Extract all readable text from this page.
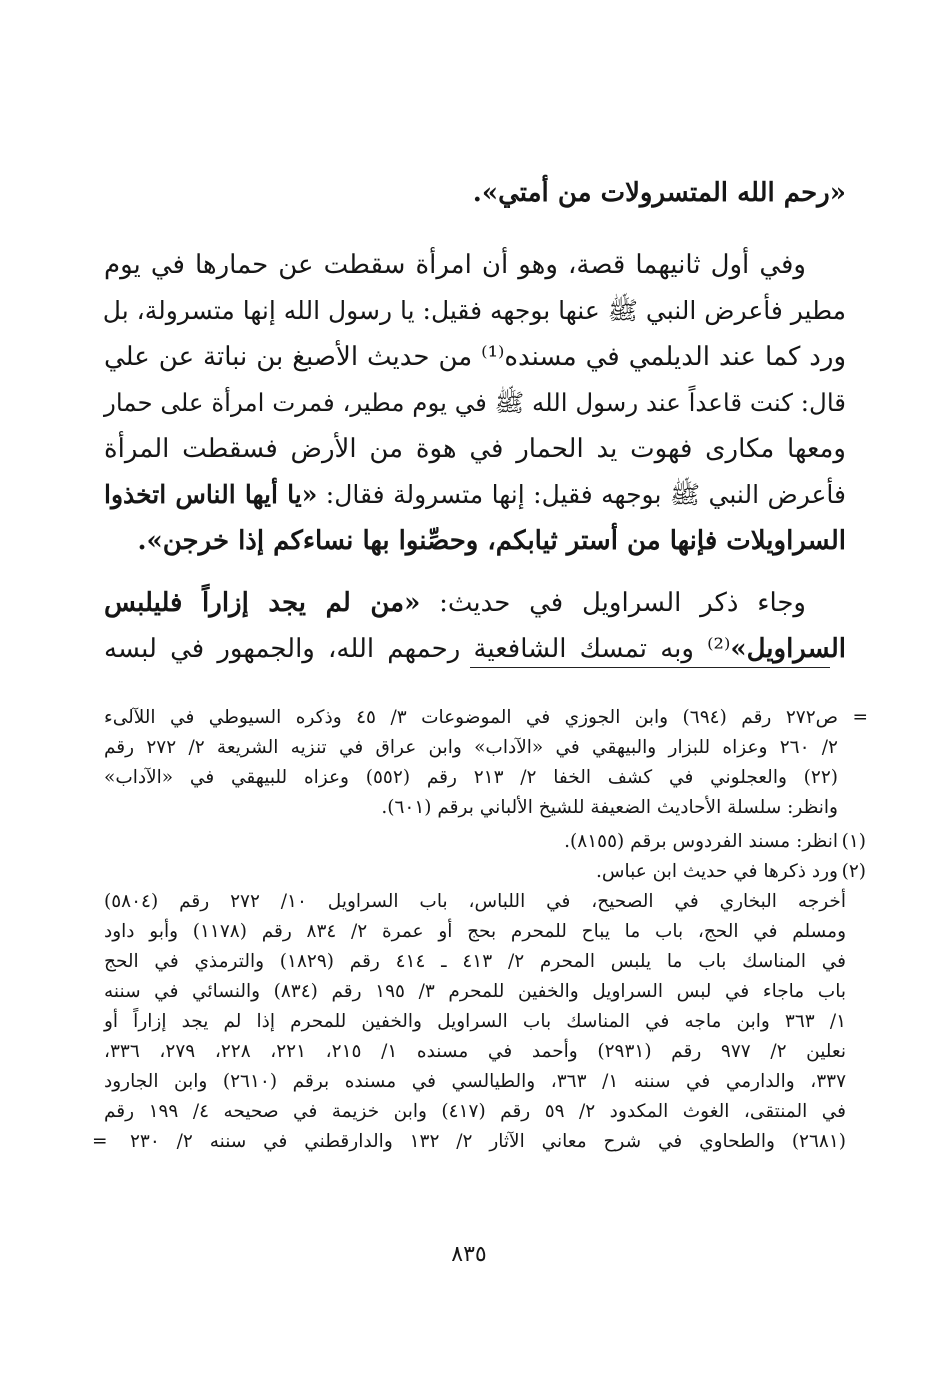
«رحم الله المتسرولات من أمتي».
وفي أول ثانيهما قصة، وهو أن امرأة سقطت عن حمارها في يوم
مطير فأعرض النبي ﷺ عنها بوجهه فقيل: يا رسول الله إنها متسرولة، بل
ورد كما عند الديلمي في مسنده⁽¹⁾ من حديث الأصبغ بن نباتة عن علي
قال: كنت قاعداً عند رسول الله ﷺ في يوم مطير، فمرت امرأة على حمار
ومعها مكارى فهوت يد الحمار في هوة من الأرض فسقطت المرأة
فأعرض النبي ﷺ بوجهه فقيل: إنها متسرولة فقال: «يا أيها الناس اتخذوا
السراويلات فإنها من أستر ثيابكم، وحصِّنوا بها نساءكم إذا خرجن».
وجاء ذكر السراويل في حديث: «من لم يجد إزاراً فليلبس
السراويل»⁽²⁾ وبه تمسك الشافعية رحمهم الله، والجمهور في لبسه
=
ص٢٧٢ رقم (٦٩٤) وابن الجوزي في الموضوعات ٣/ ٤٥ وذكره السيوطي في اللآلىء
٢/ ٢٦٠ وعزاه للبزار والبيهقي في «الآداب» وابن عراق في تنزيه الشريعة ٢/ ٢٧٢ رقم
(٢٢) والعجلوني في كشف الخفا ٢/ ٢١٣ رقم (٥٥٢) وعزاه للبيهقي في «الآداب»
وانظر: سلسلة الأحاديث الضعيفة للشيخ الألباني برقم (٦٠١).
(١)
انظر: مسند الفردوس برقم (٨١٥٥).
(٢)
ورد ذكرها في حديث ابن عباس.
أخرجه البخاري في الصحيح، في اللباس، باب السراويل ١٠/ ٢٧٢ رقم (٥٨٠٤)
ومسلم في الحج، باب ما يباح للمحرم بحج أو عمرة ٢/ ٨٣٤ رقم (١١٧٨) وأبو داود
في المناسك باب ما يلبس المحرم ٢/ ٤١٣ ـ ٤١٤ رقم (١٨٢٩) والترمذي في الحج
باب ماجاء في لبس السراويل والخفين للمحرم ٣/ ١٩٥ رقم (٨٣٤) والنسائي في سننه
١/ ٣٦٣ وابن ماجه في المناسك باب السراويل والخفين للمحرم إذا لم يجد إزاراً أو
نعلين ٢/ ٩٧٧ رقم (٢٩٣١) وأحمد في مسنده ١/ ٢١٥، ٢٢١، ٢٢٨، ٢٧٩، ٣٣٦،
٣٣٧، والدارمي في سننه ١/ ٣٦٣، والطيالسي في مسنده برقم (٢٦١٠) وابن الجارود
في المنتقى، الغوث المكدود ٢/ ٥٩ رقم (٤١٧) وابن خزيمة في صحيحه ٤/ ١٩٩ رقم
(٢٦٨١) والطحاوي في شرح معاني الآثار ٢/ ١٣٢ والدارقطني في سننه ٢/ ٢٣٠
=
٨٣٥
